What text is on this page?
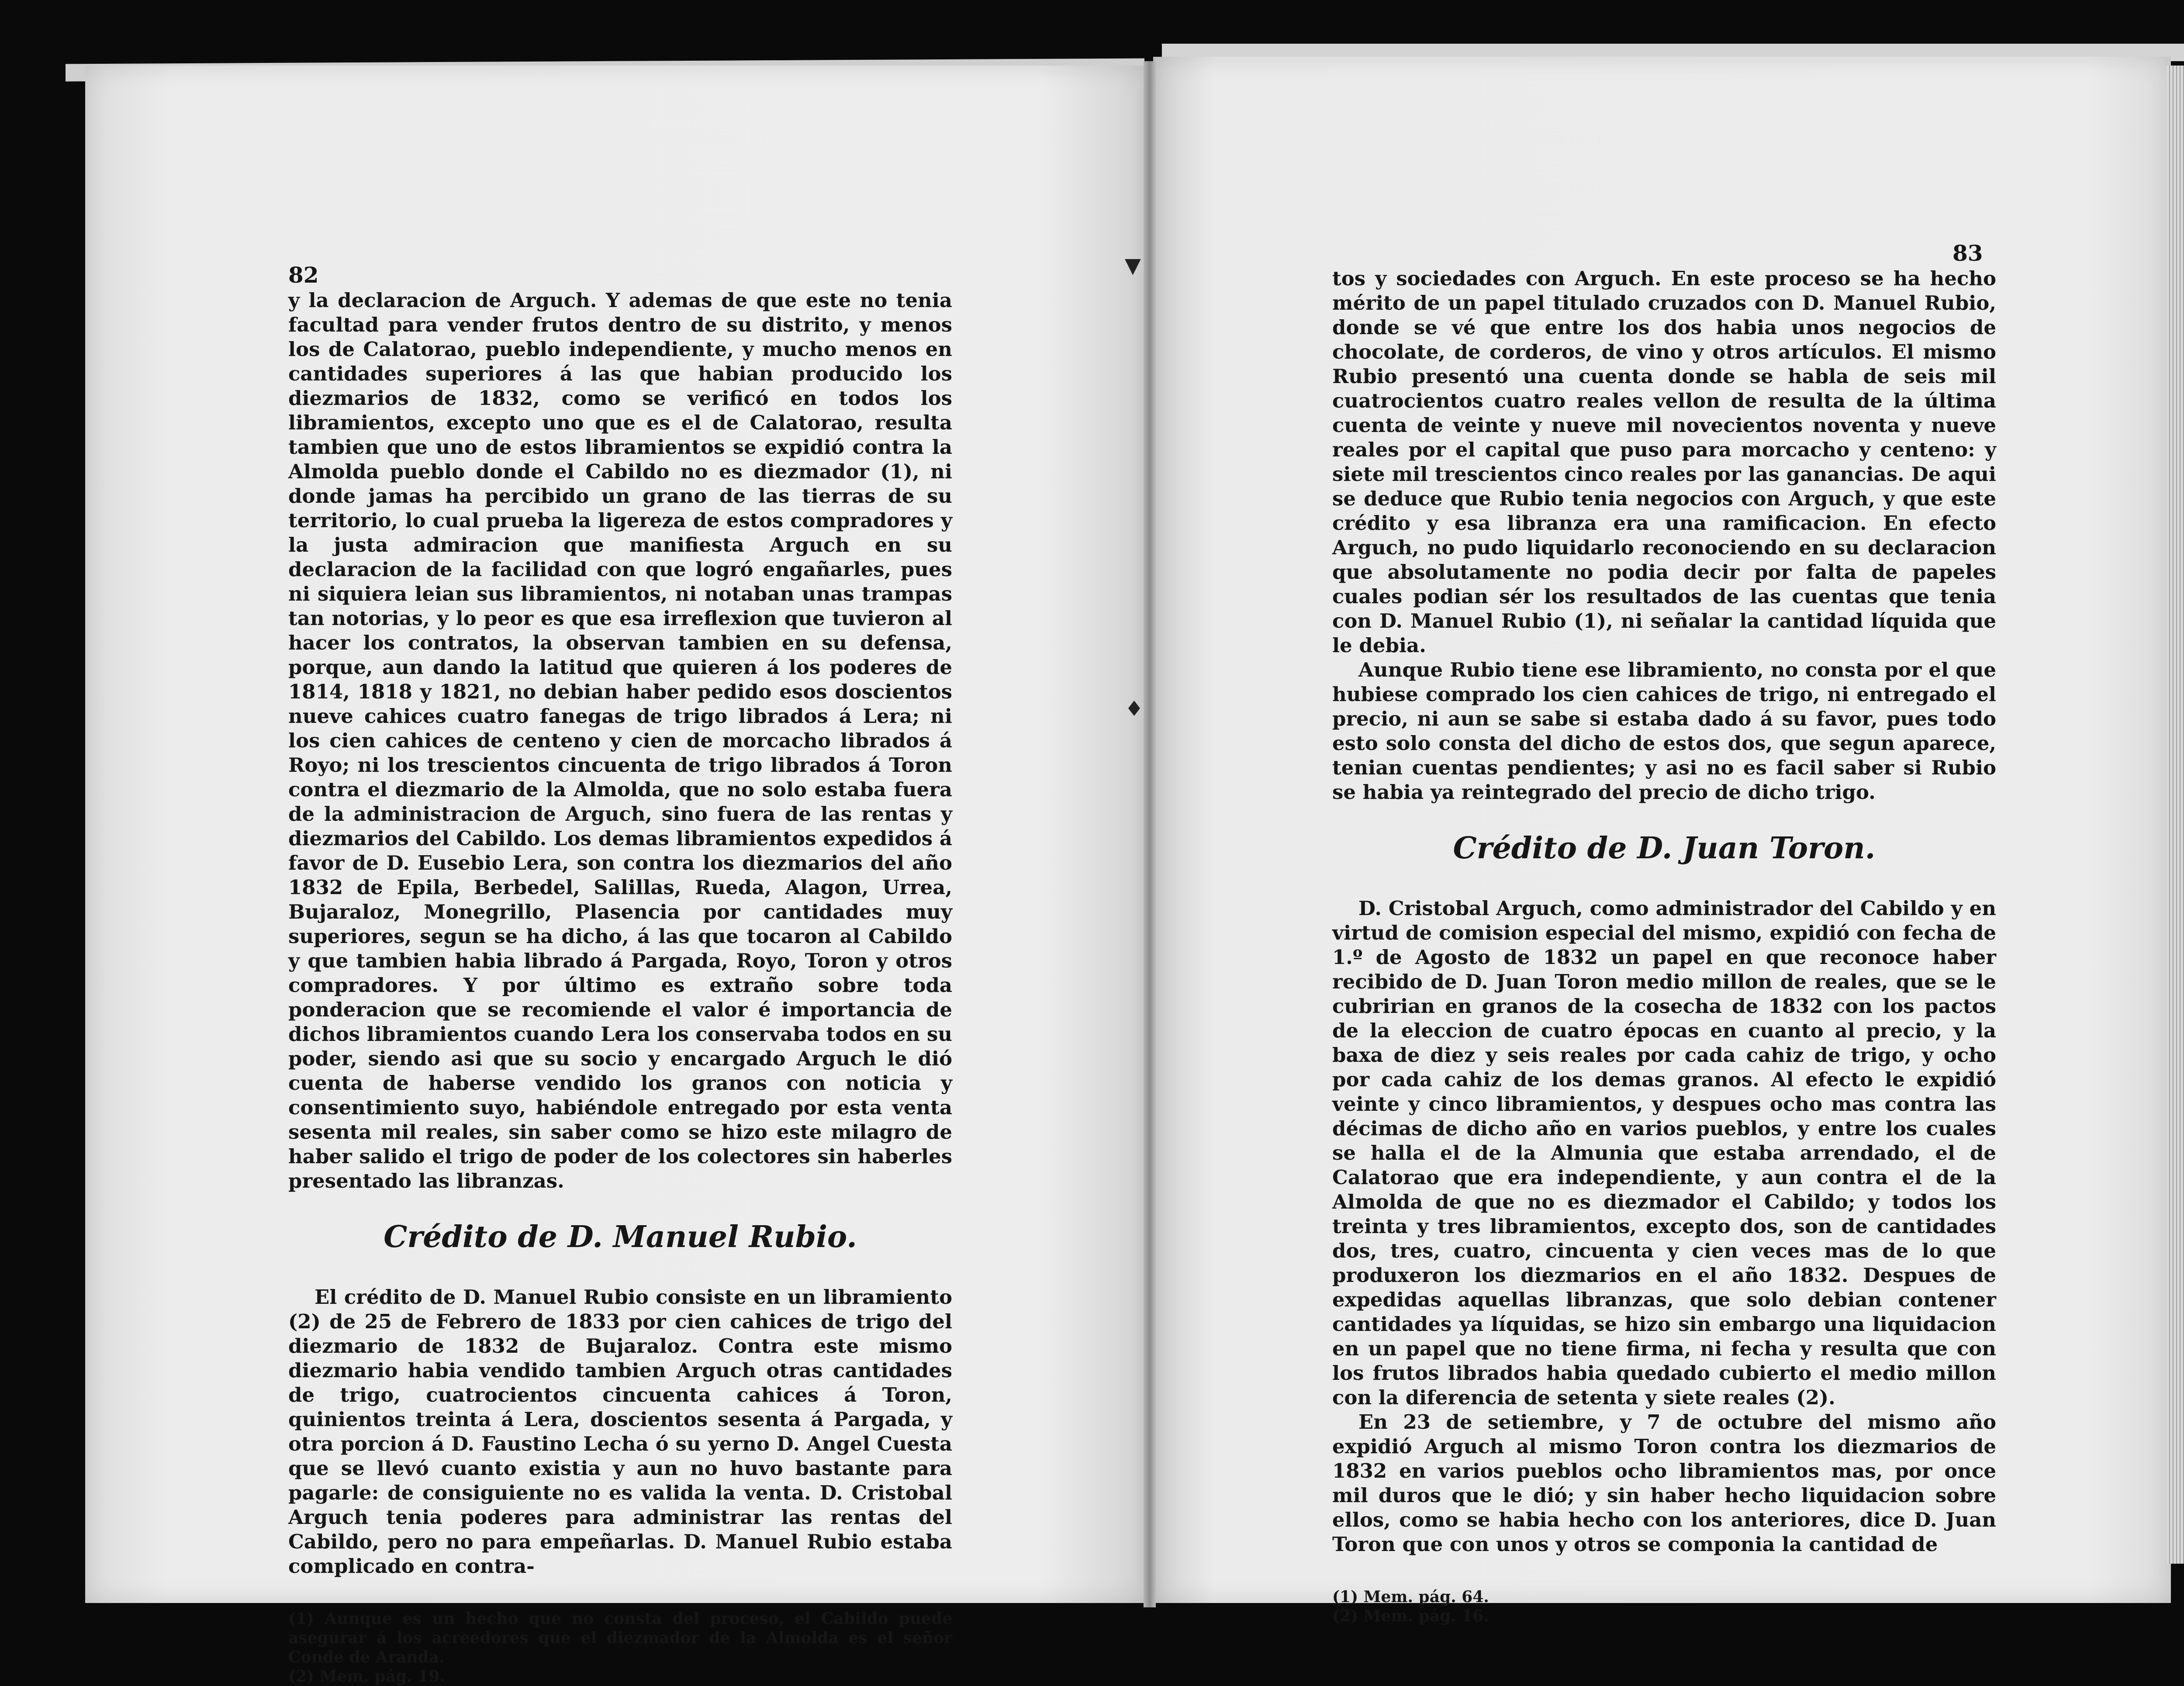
▼
♦
82
83

y la declaracion de Arguch. Y ademas de que este no tenia facultad para vender frutos dentro de su distrito, y menos los de Calatorao, pueblo independiente, y mucho menos en cantidades superiores á las que habian producido los diezmarios de 1832, como se verificó en todos los libramientos, excepto uno que es el de Calatorao, resulta tambien que uno de estos libramientos se expidió contra la Almolda pueblo donde el Cabildo no es diezmador (1), ni donde jamas ha percibido un grano de las tierras de su territorio, lo cual prueba la ligereza de estos compradores y la justa admiracion que manifiesta Arguch en su declaracion de la facilidad con que logró engañarles, pues ni siquiera leian sus libramientos, ni notaban unas trampas tan notorias, y lo peor es que esa irreflexion que tuvieron al hacer los contratos, la observan tambien en su defensa, porque, aun dando la latitud que quieren á los poderes de 1814, 1818 y 1821, no debian haber pedido esos doscientos nueve cahices cuatro fanegas de trigo librados á Lera; ni los cien cahices de centeno y cien de morcacho librados á Royo; ni los trescientos cincuenta de trigo librados á Toron contra el diezmario de la Almolda, que no solo estaba fuera de la administracion de Arguch, sino fuera de las rentas y diezmarios del Cabildo. Los demas libramientos expedidos á favor de D. Eusebio Lera, son contra los diezmarios del año 1832 de Epila, Berbedel, Salillas, Rueda, Alagon, Urrea, Bujaraloz, Monegrillo, Plasencia por cantidades muy superiores, segun se ha dicho, á las que tocaron al Cabildo y que tambien habia librado á Pargada, Royo, Toron y otros compradores. Y por último es extraño sobre toda ponderacion que se recomiende el valor é importancia de dichos libramientos cuando Lera los conservaba todos en su poder, siendo asi que su socio y encargado Arguch le dió cuenta de haberse vendido los granos con noticia y consentimiento suyo, habiéndole entregado por esta venta sesenta mil reales, sin saber como se hizo este milagro de haber salido el trigo de poder de los colectores sin haberles presentado las libranzas.

Crédito de D. Manuel Rubio.

El crédito de D. Manuel Rubio consiste en un libramiento (2) de 25 de Febrero de 1833 por cien cahices de trigo del diezmario de 1832 de Bujaraloz. Contra este mismo diezmario habia vendido tambien Arguch otras cantidades de trigo, cuatrocientos cincuenta cahices á Toron, quinientos treinta á Lera, doscientos sesenta á Pargada, y otra porcion á D. Faustino Lecha ó su yerno D. Angel Cuesta que se llevó cuanto existia y aun no huvo bastante para pagarle: de consiguiente no es valida la venta. D. Cristobal Arguch tenia poderes para administrar las rentas del Cabildo, pero no para empeñarlas. D. Manuel Rubio estaba complicado en contra-

(1) Aunque es un hecho que no consta del proceso, el Cabildo puede asegurar á los acreedores que el diezmador de la Almolda es el señor Conde de Aranda.

(2) Mem. pág. 19.

tos y sociedades con Arguch. En este proceso se ha hecho mérito de un papel titulado cruzados con D. Manuel Rubio, donde se vé que entre los dos habia unos negocios de chocolate, de corderos, de vino y otros artículos. El mismo Rubio presentó una cuenta donde se habla de seis mil cuatrocientos cuatro reales vellon de resulta de la última cuenta de veinte y nueve mil novecientos noventa y nueve reales por el capital que puso para morcacho y centeno: y siete mil trescientos cinco reales por las ganancias. De aqui se deduce que Rubio tenia negocios con Arguch, y que este crédito y esa libranza era una ramificacion. En efecto Arguch, no pudo liquidarlo reconociendo en su declaracion que absolutamente no podia decir por falta de papeles cuales podian sér los resultados de las cuentas que tenia con D. Manuel Rubio (1), ni señalar la cantidad líquida que le debia.

Aunque Rubio tiene ese libramiento, no consta por el que hubiese comprado los cien cahices de trigo, ni entregado el precio, ni aun se sabe si estaba dado á su favor, pues todo esto solo consta del dicho de estos dos, que segun aparece, tenian cuentas pendientes; y asi no es facil saber si Rubio se habia ya reintegrado del precio de dicho trigo.

Crédito de D. Juan Toron.

D. Cristobal Arguch, como administrador del Cabildo y en virtud de comision especial del mismo, expidió con fecha de 1.º de Agosto de 1832 un papel en que reconoce haber recibido de D. Juan Toron medio millon de reales, que se le cubririan en granos de la cosecha de 1832 con los pactos de la eleccion de cuatro épocas en cuanto al precio, y la baxa de diez y seis reales por cada cahiz de trigo, y ocho por cada cahiz de los demas granos. Al efecto le expidió veinte y cinco libramientos, y despues ocho mas contra las décimas de dicho año en varios pueblos, y entre los cuales se halla el de la Almunia que estaba arrendado, el de Calatorao que era independiente, y aun contra el de la Almolda de que no es diezmador el Cabildo; y todos los treinta y tres libramientos, excepto dos, son de cantidades dos, tres, cuatro, cincuenta y cien veces mas de lo que produxeron los diezmarios en el año 1832. Despues de expedidas aquellas libranzas, que solo debian contener cantidades ya líquidas, se hizo sin embargo una liquidacion en un papel que no tiene firma, ni fecha y resulta que con los frutos librados habia quedado cubierto el medio millon con la diferencia de setenta y siete reales (2).

En 23 de setiembre, y 7 de octubre del mismo año expidió Arguch al mismo Toron contra los diezmarios de 1832 en varios pueblos ocho libramientos mas, por once mil duros que le dió; y sin haber hecho liquidacion sobre ellos, como se habia hecho con los anteriores, dice D. Juan Toron que con unos y otros se componia la cantidad de

(1) Mem. pág. 64.

(2) Mem. pág. 16.
